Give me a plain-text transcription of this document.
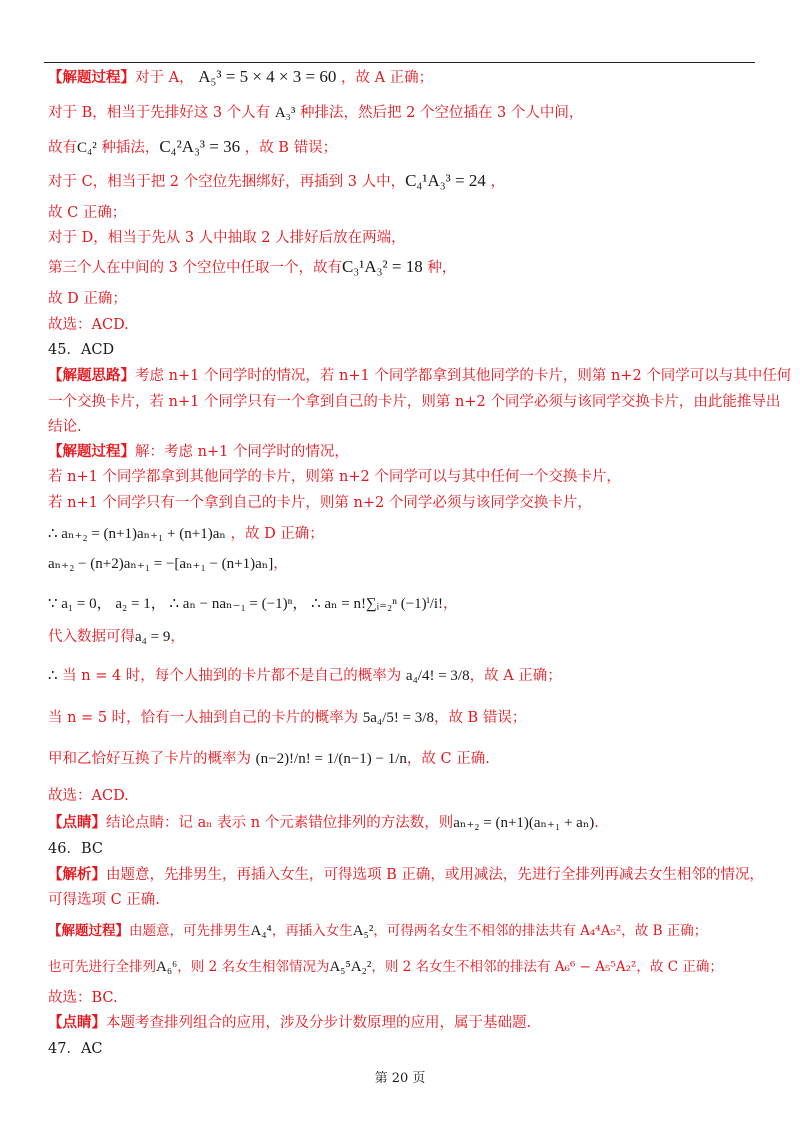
【解题过程】对于 A， A₅³ = 5 × 4 × 3 = 60 ，故 A 正确；
对于 B，相当于先排好这 3 个人有 A₃³ 种排法，然后把 2 个空位插在 3 个人中间，
故有C₄² 种插法，C₄²A₃³ = 36 ，故 B 错误；
对于 C，相当于把 2 个空位先捆绑好，再插到 3 人中，C₄¹A₃³ = 24 ，
故 C 正确；
对于 D，相当于先从 3 人中抽取 2 人排好后放在两端，
第三个人在中间的 3 个空位中任取一个，故有C₃¹A₃² = 18 种，
故 D 正确；
故选：ACD.
45．ACD
【解题思路】考虑 n+1 个同学时的情况，若 n+1 个同学都拿到其他同学的卡片，则第 n+2 个同学可以与其中任何
一个交换卡片，若 n+1 个同学只有一个拿到自己的卡片，则第 n+2 个同学必须与该同学交换卡片，由此能推导出
结论.
【解题过程】解：考虑 n+1 个同学时的情况，
若 n+1 个同学都拿到其他同学的卡片，则第 n+2 个同学可以与其中任何一个交换卡片，
若 n+1 个同学只有一个拿到自己的卡片，则第 n+2 个同学必须与该同学交换卡片，
∴ aₙ₊₂ = (n+1)aₙ₊₁ + (n+1)aₙ ，故 D 正确；
aₙ₊₂ − (n+2)aₙ₊₁ = −[aₙ₊₁ − (n+1)aₙ]，
∵ a₁ = 0， a₂ = 1， ∴ aₙ − naₙ₋₁ = (−1)ⁿ， ∴ aₙ = n!∑ᵢ₌₂ⁿ (−1)ⁱ/i!，
代入数据可得a₄ = 9，
∴ 当 n = 4 时，每个人抽到的卡片都不是自己的概率为 a₄/4! = 3/8，故 A 正确；
当 n = 5 时，恰有一人抽到自己的卡片的概率为 5a₄/5! = 3/8，故 B 错误；
甲和乙恰好互换了卡片的概率为 (n−2)!/n! = 1/(n−1) − 1/n，故 C 正确.
故选：ACD.
【点睛】结论点睛：记 aₙ 表示 n 个元素错位排列的方法数，则aₙ₊₂ = (n+1)(aₙ₊₁ + aₙ).
46．BC
【解析】由题意，先排男生，再插入女生，可得选项 B 正确，或用减法，先进行全排列再减去女生相邻的情况，
可得选项 C 正确.
【解题过程】由题意，可先排男生A₄⁴，再插入女生A₅²，可得两名女生不相邻的排法共有 A₄⁴A₅²，故 B 正确；
也可先进行全排列A₆⁶，则 2 名女生相邻情况为A₅⁵A₂²，则 2 名女生不相邻的排法有 A₆⁶ − A₅⁵A₂²，故 C 正确；
故选：BC.
【点睛】本题考查排列组合的应用，涉及分步计数原理的应用，属于基础题.
47．AC
第 20 页
